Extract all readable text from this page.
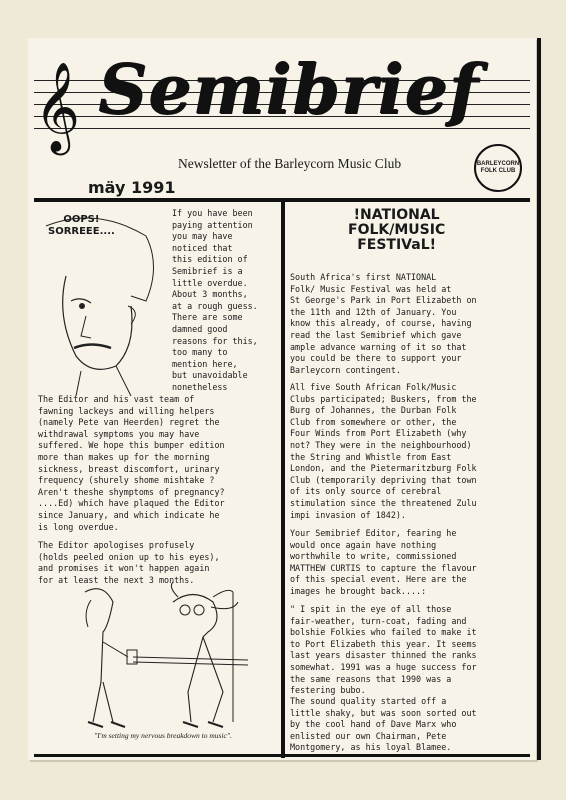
𝄞 Semibrief
Newsletter of the Barleycorn Music Club	BARLEYCORN FOLK CLUB
mäy 1991
OOPS!
SORREEE....

If you have been

paying attention

you may have

noticed that

this edition of

Semibrief is a

little overdue.

About 3 months,

at a rough guess.

There are some

damned good

reasons for this,

too many to

mention here,

but unavoidable

nonetheless

The Editor and his vast team of

fawning lackeys and willing helpers

(namely Pete van Heerden) regret the

withdrawal symptoms you may have

suffered. We hope this bumper edition

more than makes up for the morning

sickness, breast discomfort, urinary

frequency (shurely shome mishtake ?

Aren't theshe shymptoms of pregnancy?

....Ed) which have plaqued the Editor

since January, and which indicate he

is long overdue.

The Editor apologises profusely

(holds peeled onion up to his eyes),

and promises it won't happen again

for at least the next 3 months.

"I'm setting my nervous breakdown to music".
!NATIONAL
FOLK/MUSIC
FESTIVaL!

South Africa's first NATIONAL

Folk/ Music Festival was held at

St George's Park in Port Elizabeth on

the 11th and 12th of January. You

know this already, of course, having

read the last Semibrief which gave

ample advance warning of it so that

you could be there to support your

Barleycorn contingent.

All five South African Folk/Music

Clubs participated; Buskers, from the

Burg of Johannes, the Durban Folk

Club from somewhere or other, the

Four Winds from Port Elizabeth (why

not? They were in the neighbourhood)

the String and Whistle from East

London, and the Pietermaritzburg Folk

Club (temporarily depriving that town

of its only source of cerebral

stimulation since the threatened Zulu

impi invasion of 1842).

Your Semibrief Editor, fearing he

would once again have nothing

worthwhile to write, commissioned

MATTHEW CURTIS to capture the flavour

of this special event. Here are the

images he brought back....:

" I spit in the eye of all those

fair-weather, turn-coat, fading and

bolshie Folkies who failed to make it

to Port Elizabeth this year. It seems

last years disaster thinned the ranks

somewhat. 1991 was a huge success for

the same reasons that 1990 was a

festering bubo.

The sound quality started off a

little shaky, but was soon sorted out

by the cool hand of Dave Marx who

enlisted our own Chairman, Pete

Montgomery, as his loyal Blamee.
